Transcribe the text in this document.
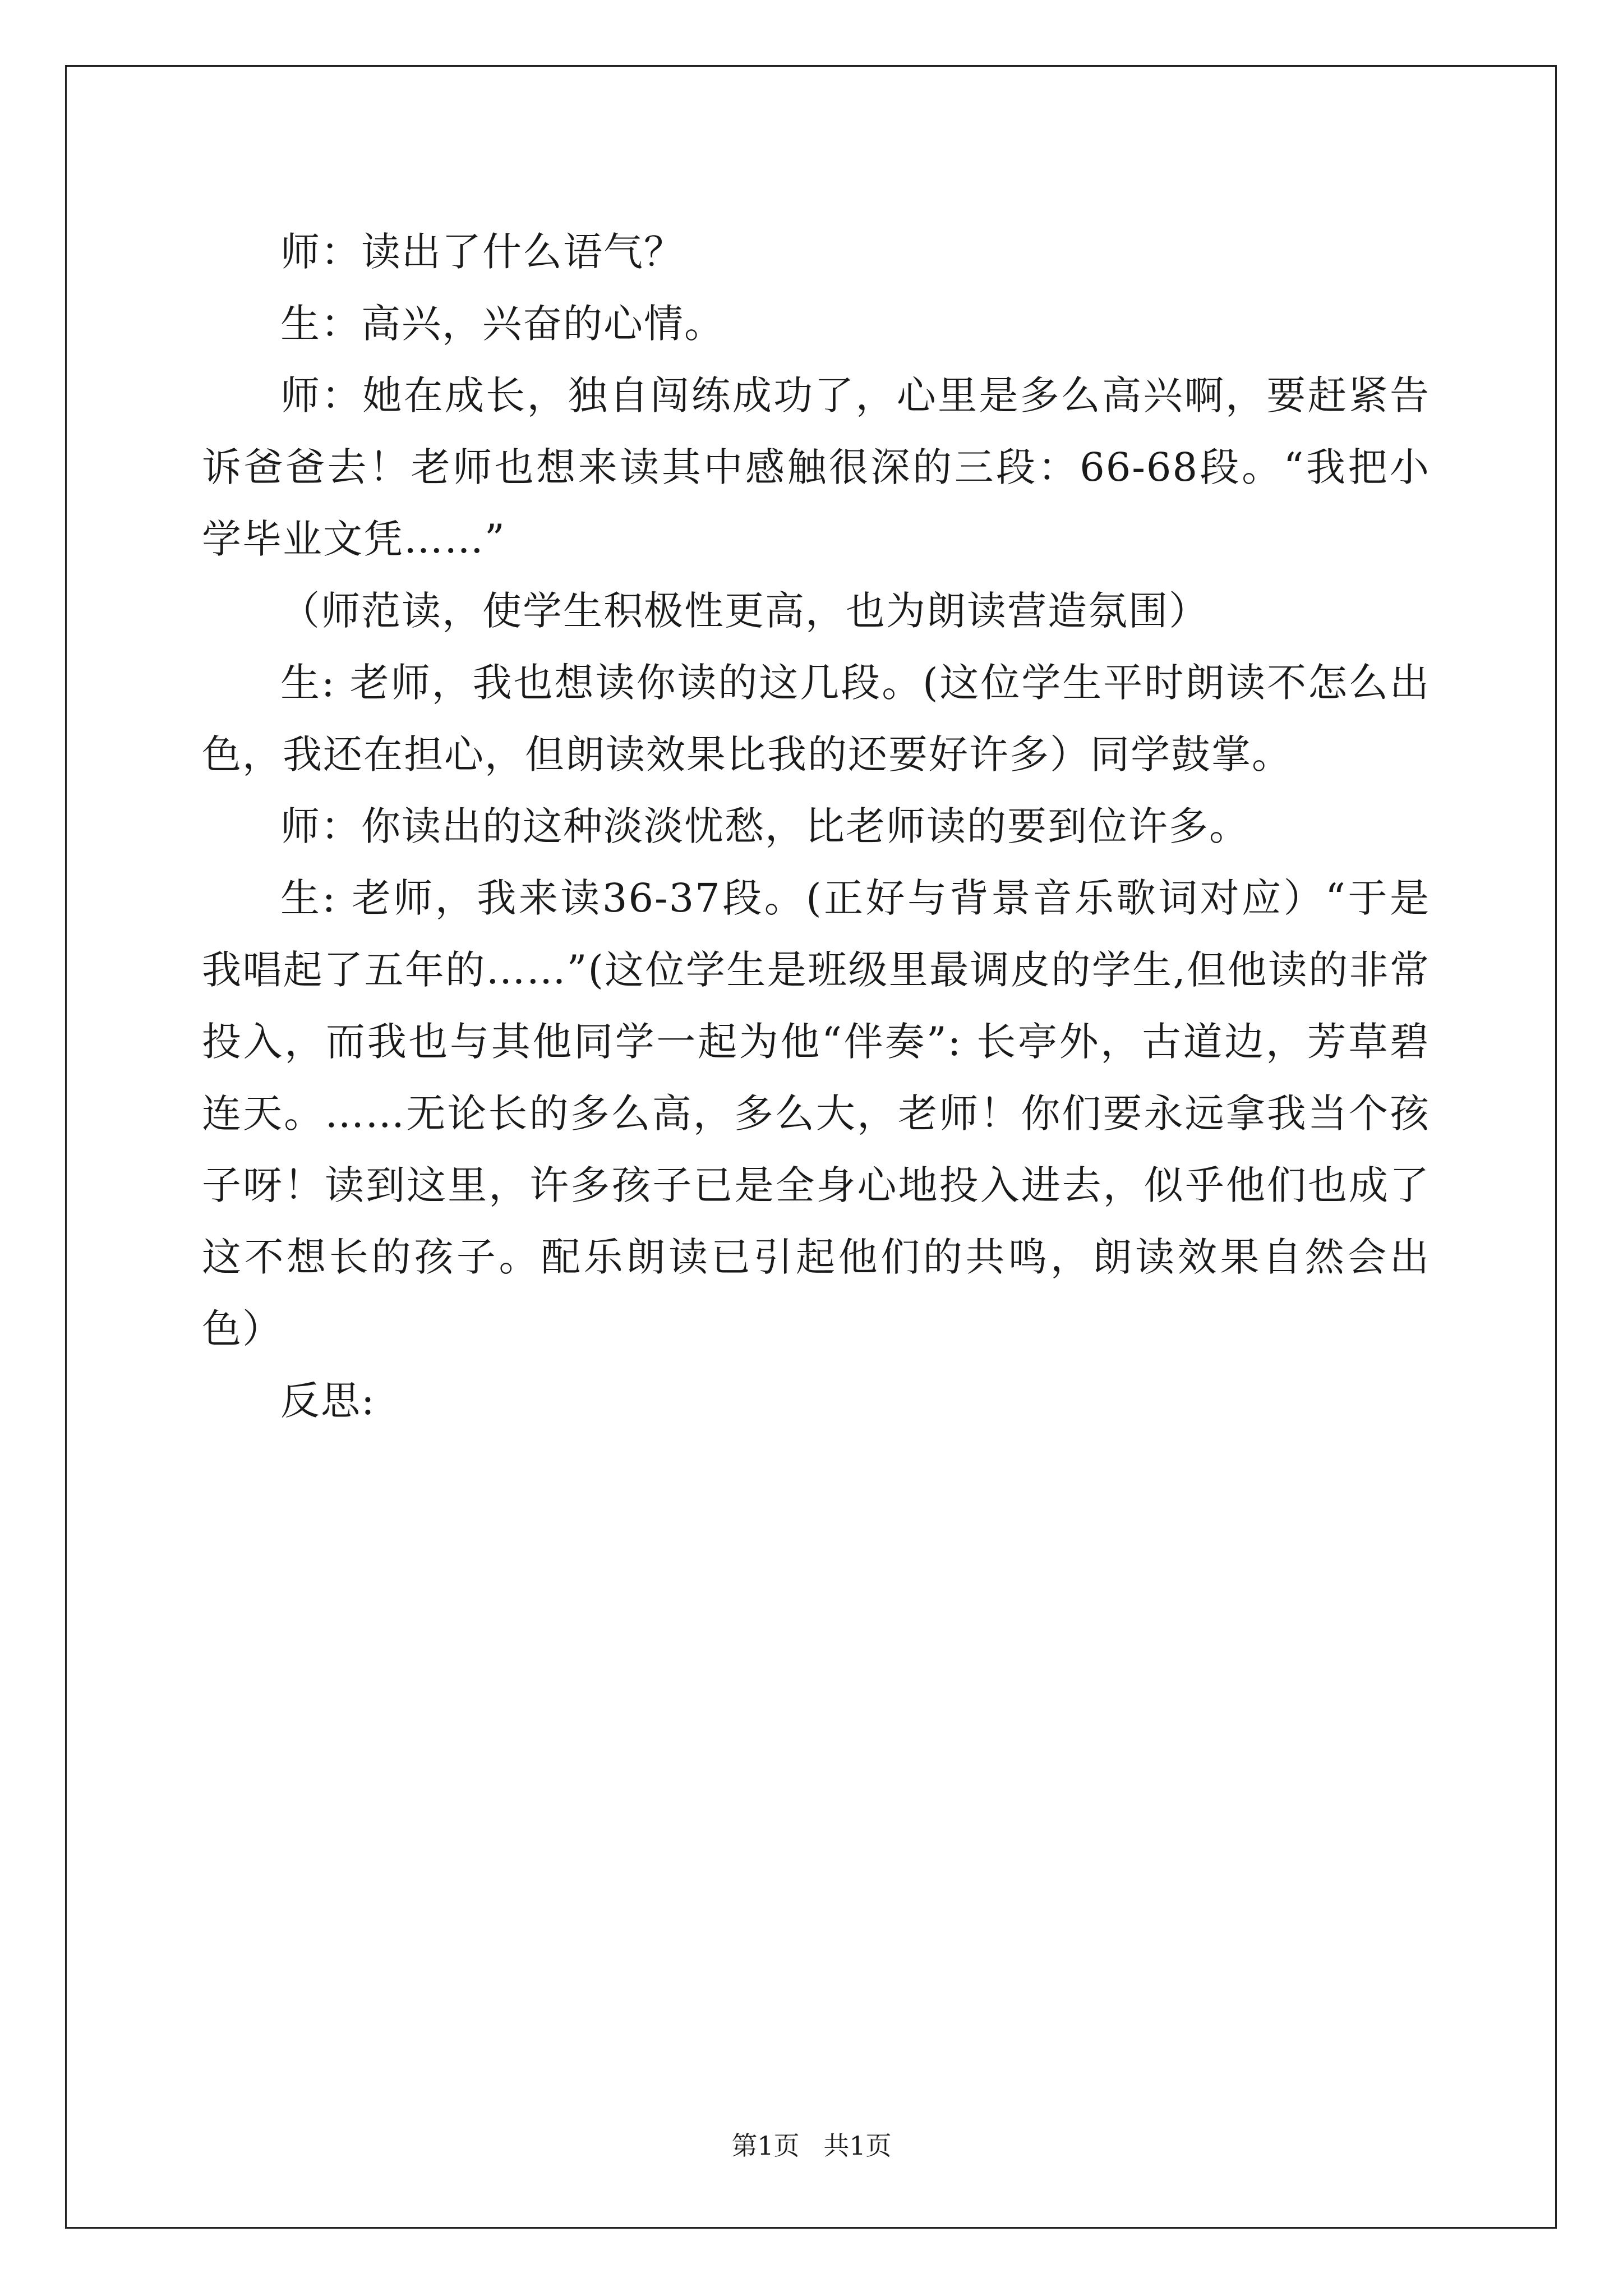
师：读出了什么语气？

生：高兴，兴奋的心情。

师：她在成长，独自闯练成功了，心里是多么高兴啊，要赶紧告诉爸爸去！老师也想来读其中感触很深的三段：66-68段。“我把小学毕业文凭……”

（师范读，使学生积极性更高，也为朗读营造氛围）

生: 老师，我也想读你读的这几段。(这位学生平时朗读不怎么出色，我还在担心，但朗读效果比我的还要好许多）同学鼓掌。

师：你读出的这种淡淡忧愁，比老师读的要到位许多。

生: 老师，我来读36-37段。(正好与背景音乐歌词对应）“于是我唱起了五年的……”(这位学生是班级里最调皮的学生,但他读的非常投入，而我也与其他同学一起为他“伴奏”: 长亭外，古道边，芳草碧连天。……无论长的多么高，多么大，老师！你们要永远拿我当个孩子呀！读到这里，许多孩子已是全身心地投入进去，似乎他们也成了这不想长的孩子。配乐朗读已引起他们的共鸣，朗读效果自然会出色）

反思:

第1页 共1页
